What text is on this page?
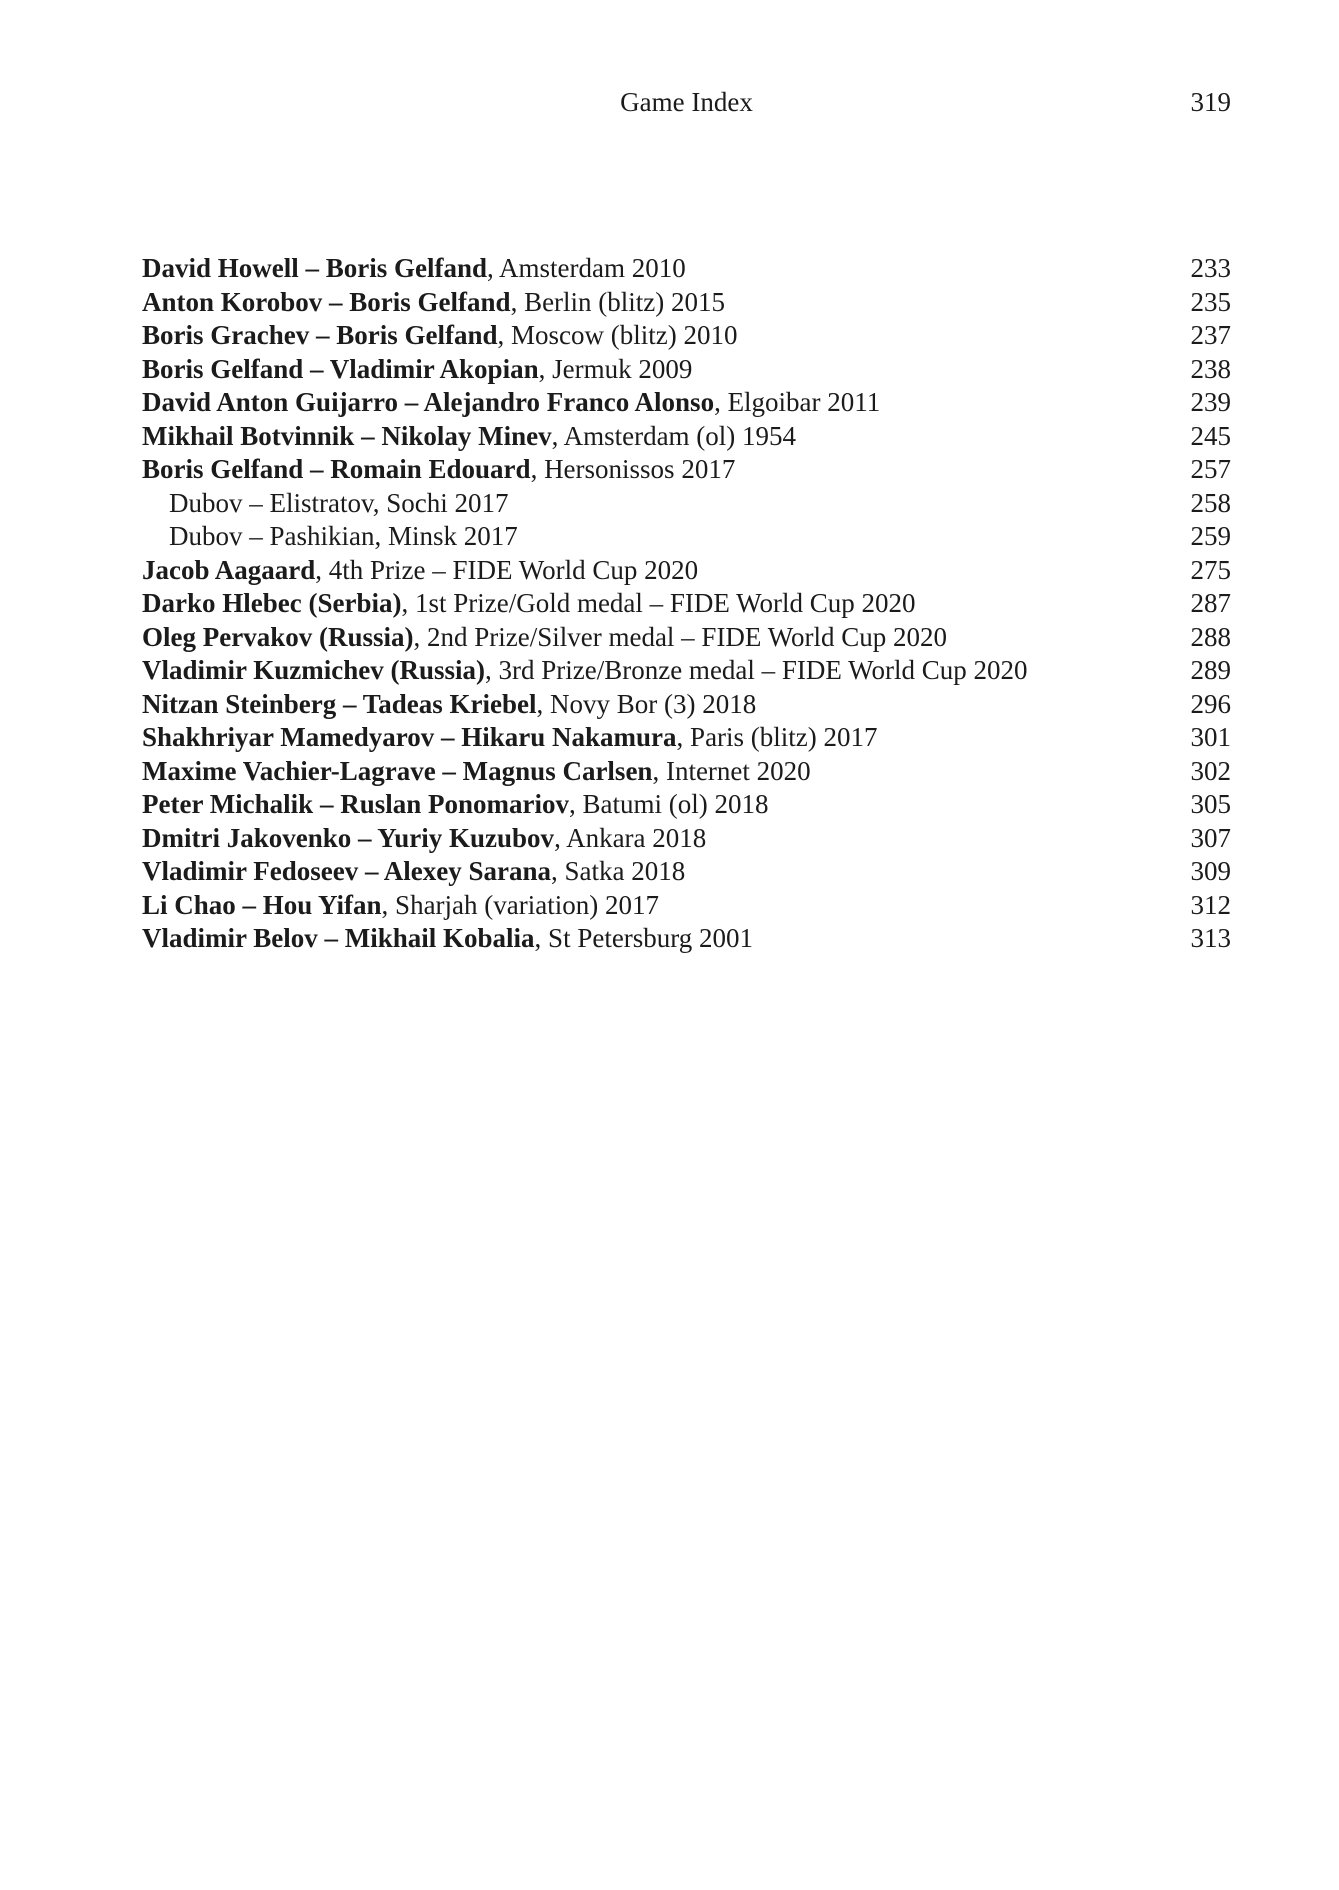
Game Index	319
David Howell – Boris Gelfand, Amsterdam 2010	233
Anton Korobov – Boris Gelfand, Berlin (blitz) 2015	235
Boris Grachev – Boris Gelfand, Moscow (blitz) 2010	237
Boris Gelfand – Vladimir Akopian, Jermuk 2009	238
David Anton Guijarro – Alejandro Franco Alonso, Elgoibar 2011	239
Mikhail Botvinnik – Nikolay Minev, Amsterdam (ol) 1954	245
Boris Gelfand – Romain Edouard, Hersonissos 2017	257
Dubov – Elistratov, Sochi 2017	258
Dubov – Pashikian, Minsk 2017	259
Jacob Aagaard, 4th Prize – FIDE World Cup 2020	275
Darko Hlebec (Serbia), 1st Prize/Gold medal – FIDE World Cup 2020	287
Oleg Pervakov (Russia), 2nd Prize/Silver medal – FIDE World Cup 2020	288
Vladimir Kuzmichev (Russia), 3rd Prize/Bronze medal – FIDE World Cup 2020	289
Nitzan Steinberg – Tadeas Kriebel, Novy Bor (3) 2018	296
Shakhriyar Mamedyarov – Hikaru Nakamura, Paris (blitz) 2017	301
Maxime Vachier-Lagrave – Magnus Carlsen, Internet 2020	302
Peter Michalik – Ruslan Ponomariov, Batumi (ol) 2018	305
Dmitri Jakovenko – Yuriy Kuzubov, Ankara 2018	307
Vladimir Fedoseev – Alexey Sarana, Satka 2018	309
Li Chao – Hou Yifan, Sharjah (variation) 2017	312
Vladimir Belov – Mikhail Kobalia, St Petersburg 2001	313
